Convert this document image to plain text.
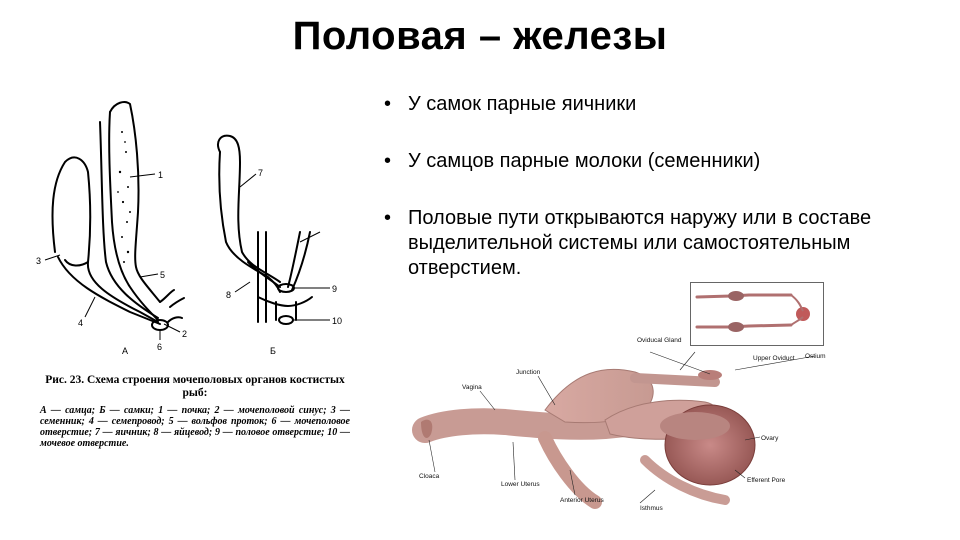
Половая – железы
• У самок парные яичники
• У самцов парные молоки (семенники)
• Половые пути открываются наружу или в составе выделительной системы или самостоятельным отверстием.
1
2
3
4
5
6
7
8
9
10
А	Б
Рис. 23. Схема строения мочеполовых органов костистых рыб:
А — самца; Б — самки; 1 — почка; 2 — мочеполовой синус; 3 — семенник; 4 — семепровод; 5 — вольфов проток; 6 — мочеполовое отверстие; 7 — яичник; 8 — яйцевод; 9 — половое отверстие; 10 — мочевое отверстие.
Oviducal Gland
Upper Oviduct Ostium
Junction
Vagina
Cloaca
Lower Uterus
Anterior Uterus
Isthmus
Ovary
Efferent Pore
